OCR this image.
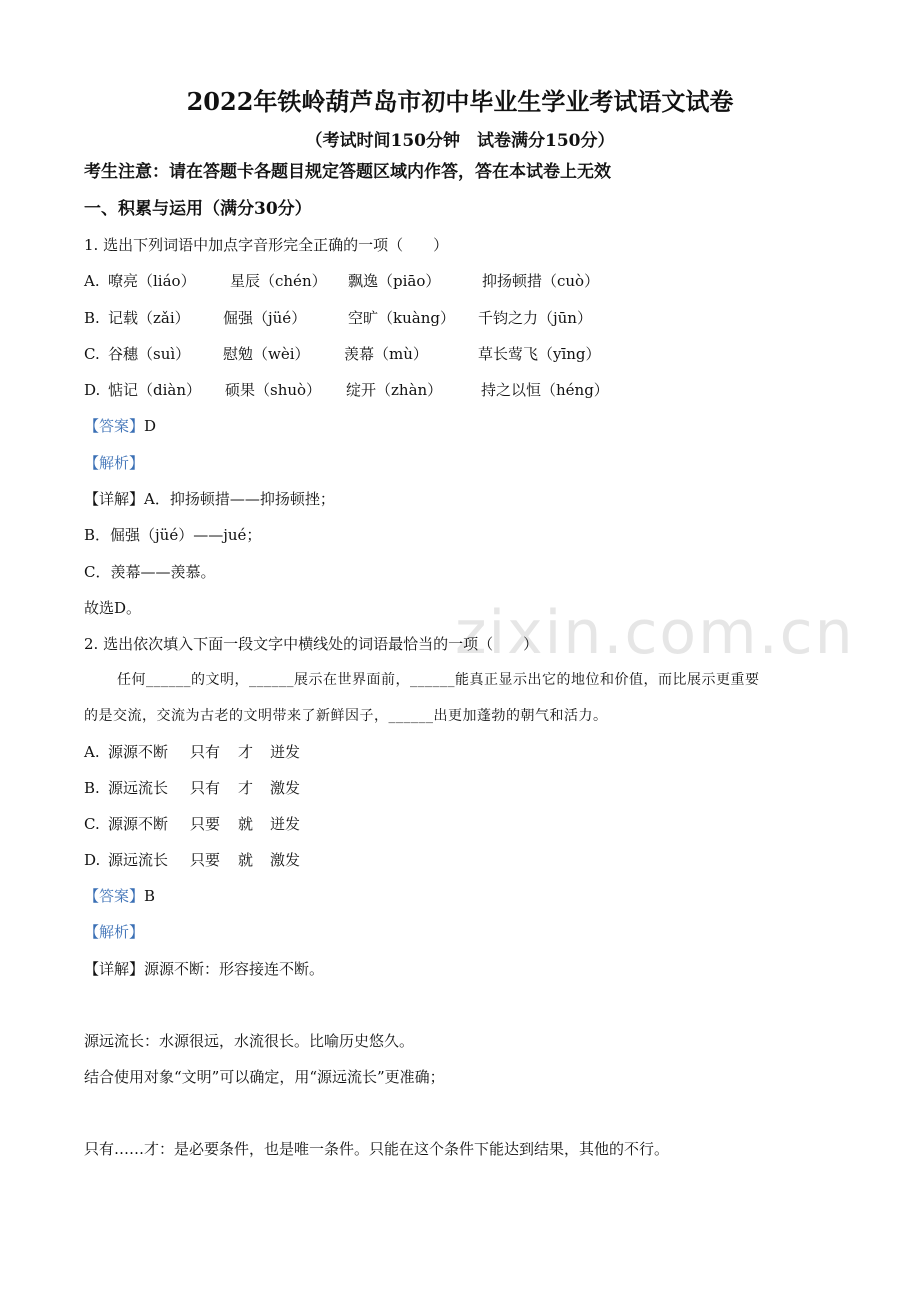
zixin.com.cn
2022年铁岭葫芦岛市初中毕业生学业考试语文试卷
（考试时间150分钟　试卷满分150分）
考生注意：请在答题卡各题目规定答题区域内作答，答在本试卷上无效
一、积累与运用（满分30分）
1. 选出下列词语中加点字音形完全正确的一项（　　）
A. 嘹亮（liáo） 星辰（chén） 飘逸（piāo）	抑扬顿措（cuò）
B. 记载（zǎi） 倔强（jüé）	空旷（kuàng） 千钧之力（jūn）
C. 谷穗（suì） 慰勉（wèi） 羡幕（mù）	草长莺飞（yīng）
D. 惦记（diàn） 硕果（shuò） 绽开（zhàn）	持之以恒（héng）
【答案】D
【解析】
【详解】A．抑扬顿措——抑扬顿挫；
B．倔强（jüé）——jué；
C．羡幕——羡慕。
故选D。
2. 选出依次填入下面一段文字中横线处的词语最恰当的一项（　　）
任何______的文明，______展示在世界面前，______能真正显示出它的地位和价值，而比展示更重要
的是交流，交流为古老的文明带来了新鲜因子，______出更加蓬勃的朝气和活力。
A. 源源不断 只有 才 迸发
B. 源远流长 只有 才 激发
C. 源源不断 只要 就 迸发
D. 源远流长 只要 就 激发
【答案】B
【解析】
【详解】源源不断：形容接连不断。
源远流长：水源很远，水流很长。比喻历史悠久。
结合使用对象“文明”可以确定，用“源远流长”更准确；
只有……才：是必要条件，也是唯一条件。只能在这个条件下能达到结果，其他的不行。
